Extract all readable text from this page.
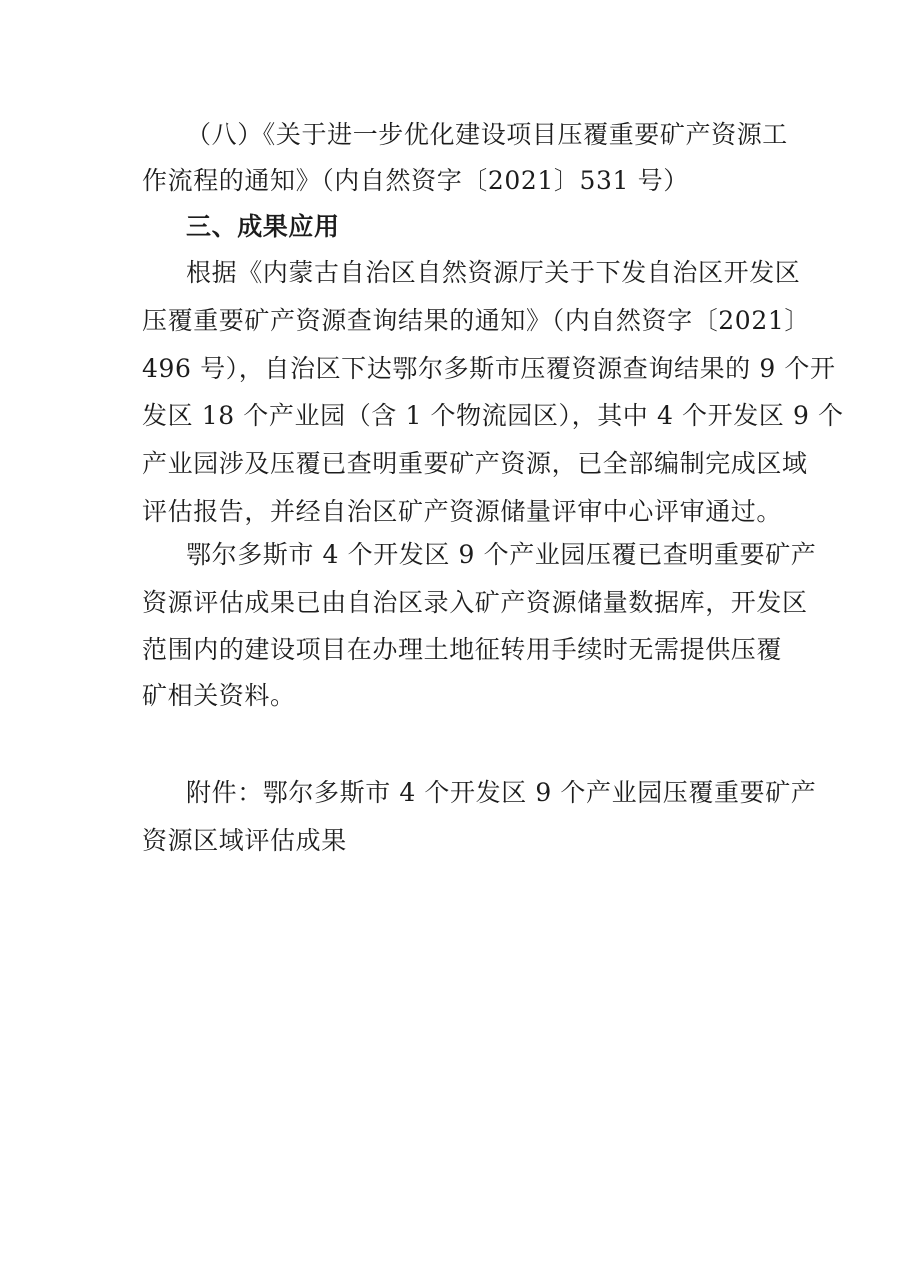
（八）《关于进一步优化建设项目压覆重要矿产资源工
作流程的通知》（内自然资字〔2021〕531 号）
三、成果应用
根据《内蒙古自治区自然资源厅关于下发自治区开发区
压覆重要矿产资源查询结果的通知》（内自然资字〔2021〕
496 号），自治区下达鄂尔多斯市压覆资源查询结果的 9 个开
发区 18 个产业园（含 1 个物流园区），其中 4 个开发区 9 个
产业园涉及压覆已查明重要矿产资源，已全部编制完成区域
评估报告，并经自治区矿产资源储量评审中心评审通过。
鄂尔多斯市 4 个开发区 9 个产业园压覆已查明重要矿产
资源评估成果已由自治区录入矿产资源储量数据库，开发区
范围内的建设项目在办理土地征转用手续时无需提供压覆
矿相关资料。
附件：鄂尔多斯市 4 个开发区 9 个产业园压覆重要矿产
资源区域评估成果
